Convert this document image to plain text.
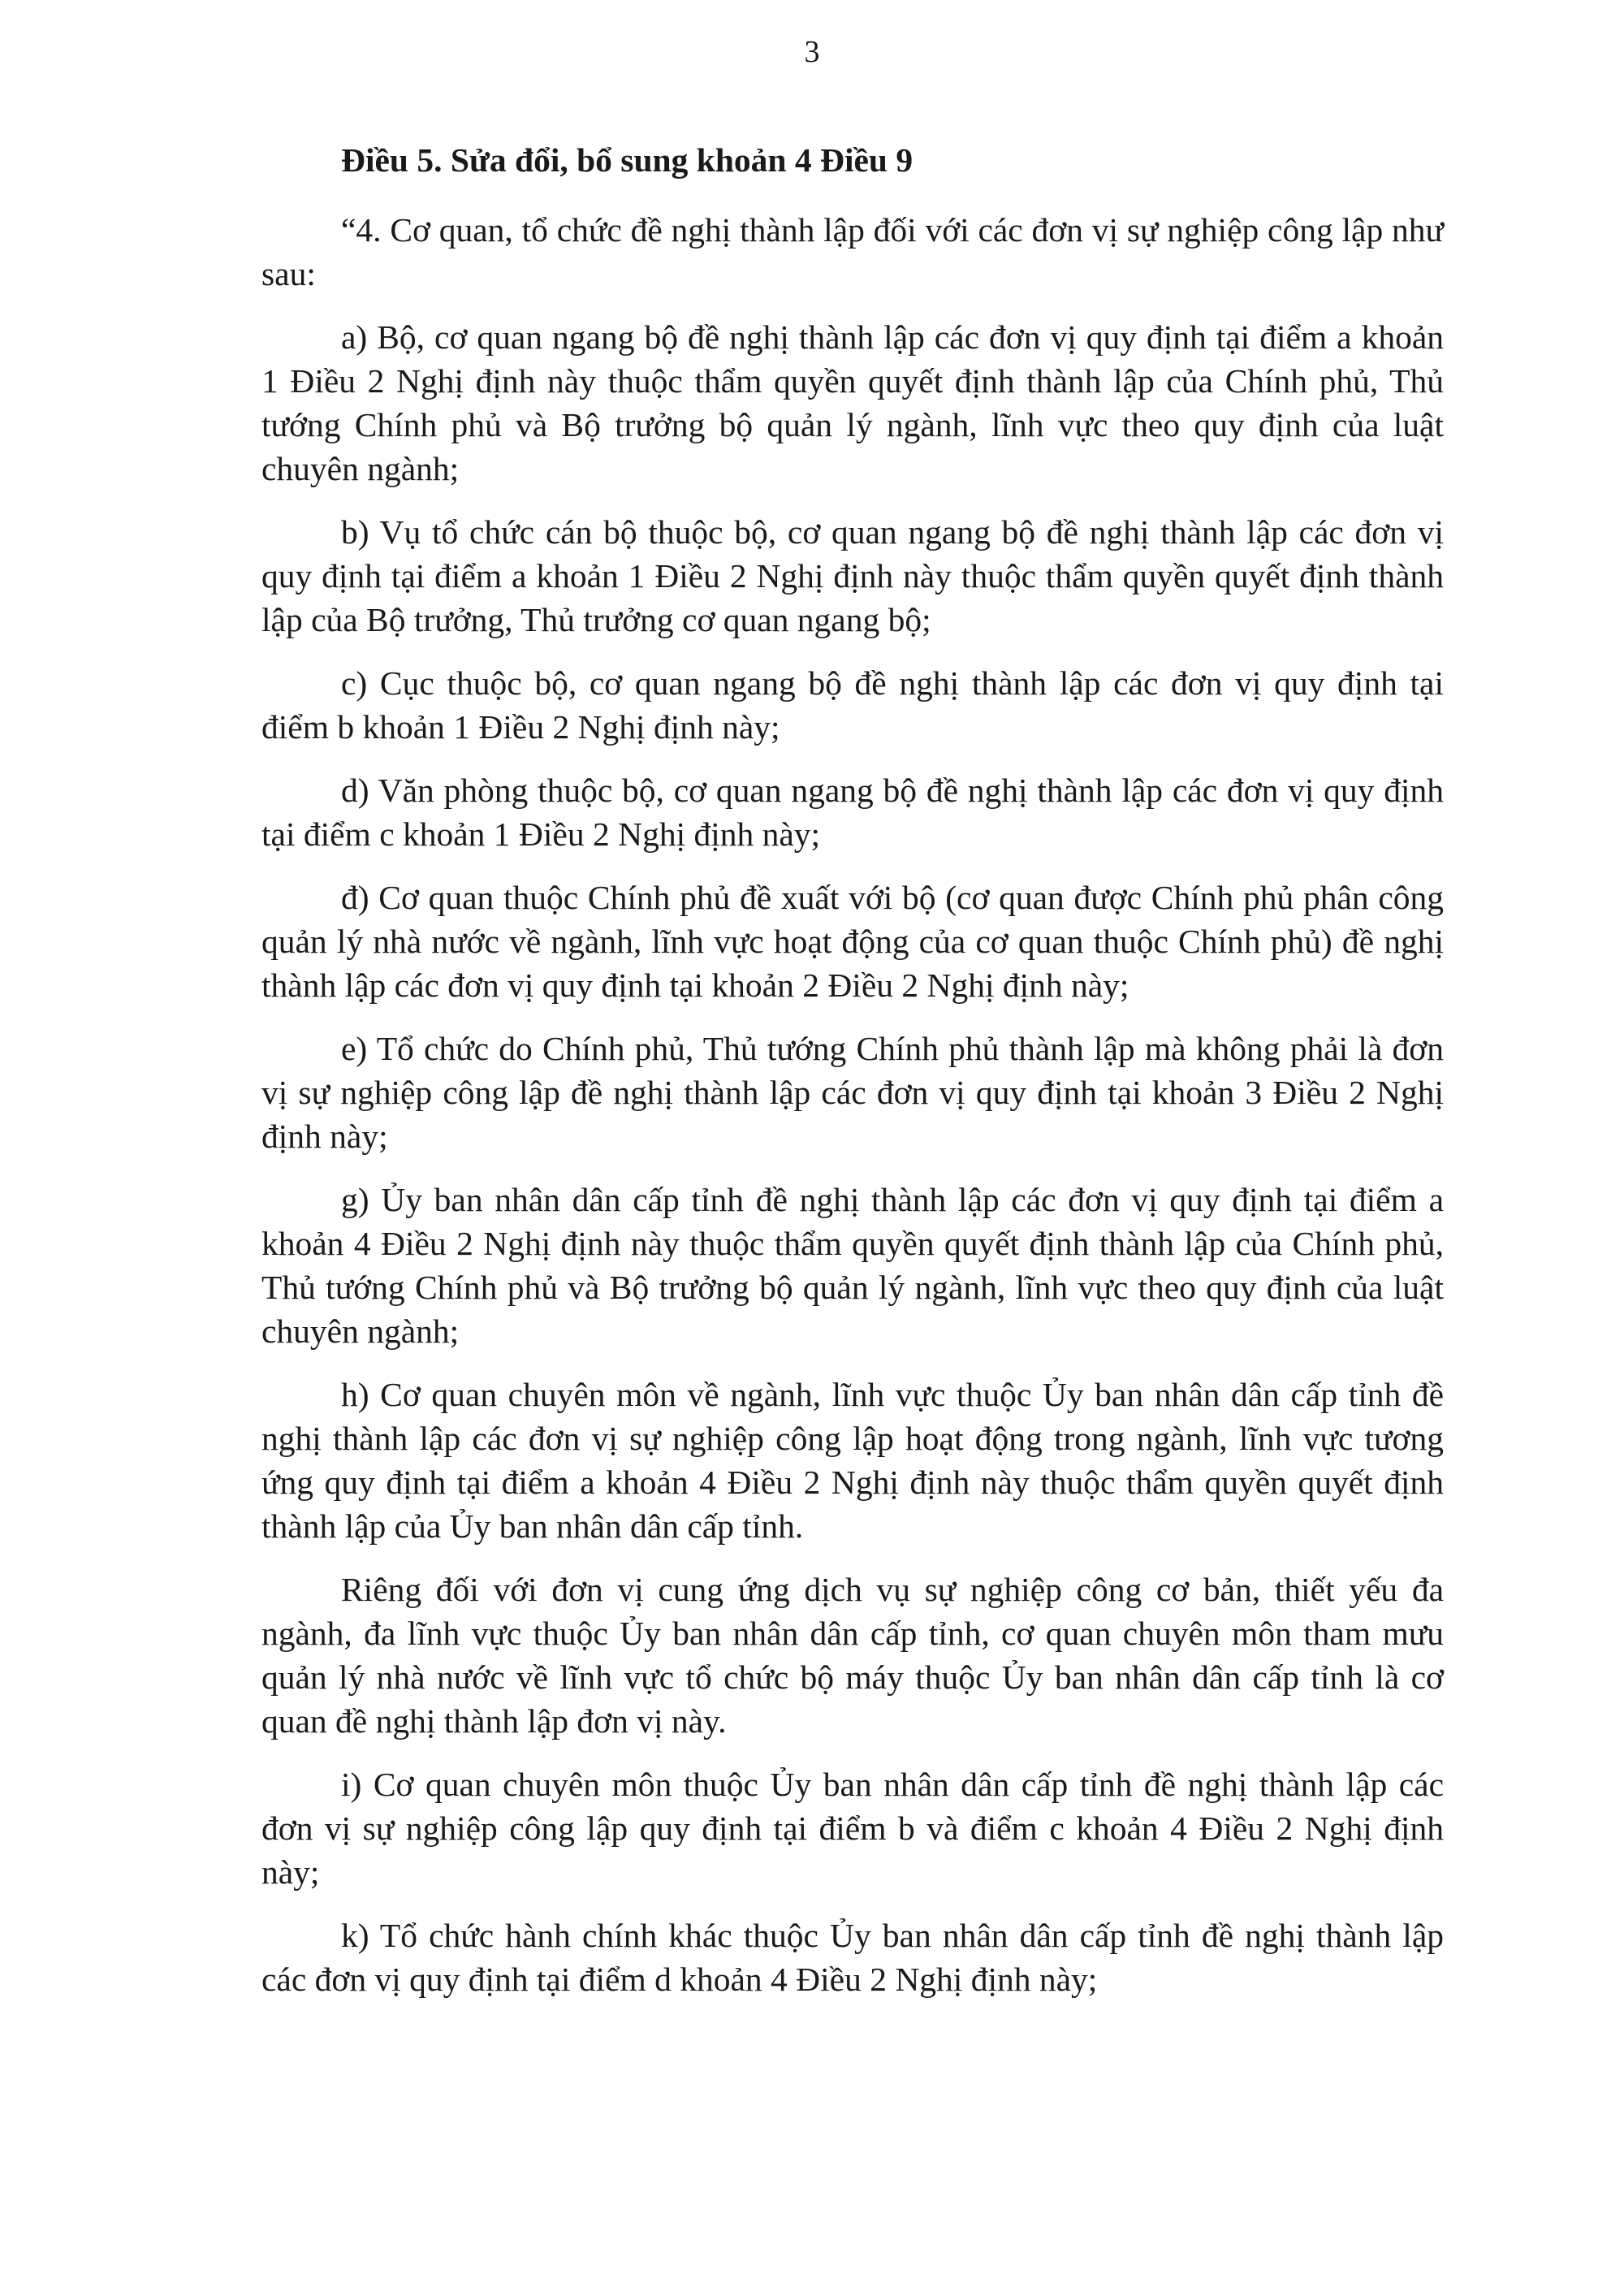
3

Điều 5. Sửa đổi, bổ sung khoản 4 Điều 9

“4. Cơ quan, tổ chức đề nghị thành lập đối với các đơn vị sự nghiệp công lập như sau:

a) Bộ, cơ quan ngang bộ đề nghị thành lập các đơn vị quy định tại điểm a khoản 1 Điều 2 Nghị định này thuộc thẩm quyền quyết định thành lập của Chính phủ, Thủ tướng Chính phủ và Bộ trưởng bộ quản lý ngành, lĩnh vực theo quy định của luật chuyên ngành;

b) Vụ tổ chức cán bộ thuộc bộ, cơ quan ngang bộ đề nghị thành lập các đơn vị quy định tại điểm a khoản 1 Điều 2 Nghị định này thuộc thẩm quyền quyết định thành lập của Bộ trưởng, Thủ trưởng cơ quan ngang bộ;

c) Cục thuộc bộ, cơ quan ngang bộ đề nghị thành lập các đơn vị quy định tại điểm b khoản 1 Điều 2 Nghị định này;

d) Văn phòng thuộc bộ, cơ quan ngang bộ đề nghị thành lập các đơn vị quy định tại điểm c khoản 1 Điều 2 Nghị định này;

đ) Cơ quan thuộc Chính phủ đề xuất với bộ (cơ quan được Chính phủ phân công quản lý nhà nước về ngành, lĩnh vực hoạt động của cơ quan thuộc Chính phủ) đề nghị thành lập các đơn vị quy định tại khoản 2 Điều 2 Nghị định này;

e) Tổ chức do Chính phủ, Thủ tướng Chính phủ thành lập mà không phải là đơn vị sự nghiệp công lập đề nghị thành lập các đơn vị quy định tại khoản 3 Điều 2 Nghị định này;

g) Ủy ban nhân dân cấp tỉnh đề nghị thành lập các đơn vị quy định tại điểm a khoản 4 Điều 2 Nghị định này thuộc thẩm quyền quyết định thành lập của Chính phủ, Thủ tướng Chính phủ và Bộ trưởng bộ quản lý ngành, lĩnh vực theo quy định của luật chuyên ngành;

h) Cơ quan chuyên môn về ngành, lĩnh vực thuộc Ủy ban nhân dân cấp tỉnh đề nghị thành lập các đơn vị sự nghiệp công lập hoạt động trong ngành, lĩnh vực tương ứng quy định tại điểm a khoản 4 Điều 2 Nghị định này thuộc thẩm quyền quyết định thành lập của Ủy ban nhân dân cấp tỉnh.

Riêng đối với đơn vị cung ứng dịch vụ sự nghiệp công cơ bản, thiết yếu đa ngành, đa lĩnh vực thuộc Ủy ban nhân dân cấp tỉnh, cơ quan chuyên môn tham mưu quản lý nhà nước về lĩnh vực tổ chức bộ máy thuộc Ủy ban nhân dân cấp tỉnh là cơ quan đề nghị thành lập đơn vị này.

i) Cơ quan chuyên môn thuộc Ủy ban nhân dân cấp tỉnh đề nghị thành lập các đơn vị sự nghiệp công lập quy định tại điểm b và điểm c khoản 4 Điều 2 Nghị định này;

k) Tổ chức hành chính khác thuộc Ủy ban nhân dân cấp tỉnh đề nghị thành lập các đơn vị quy định tại điểm d khoản 4 Điều 2 Nghị định này;
